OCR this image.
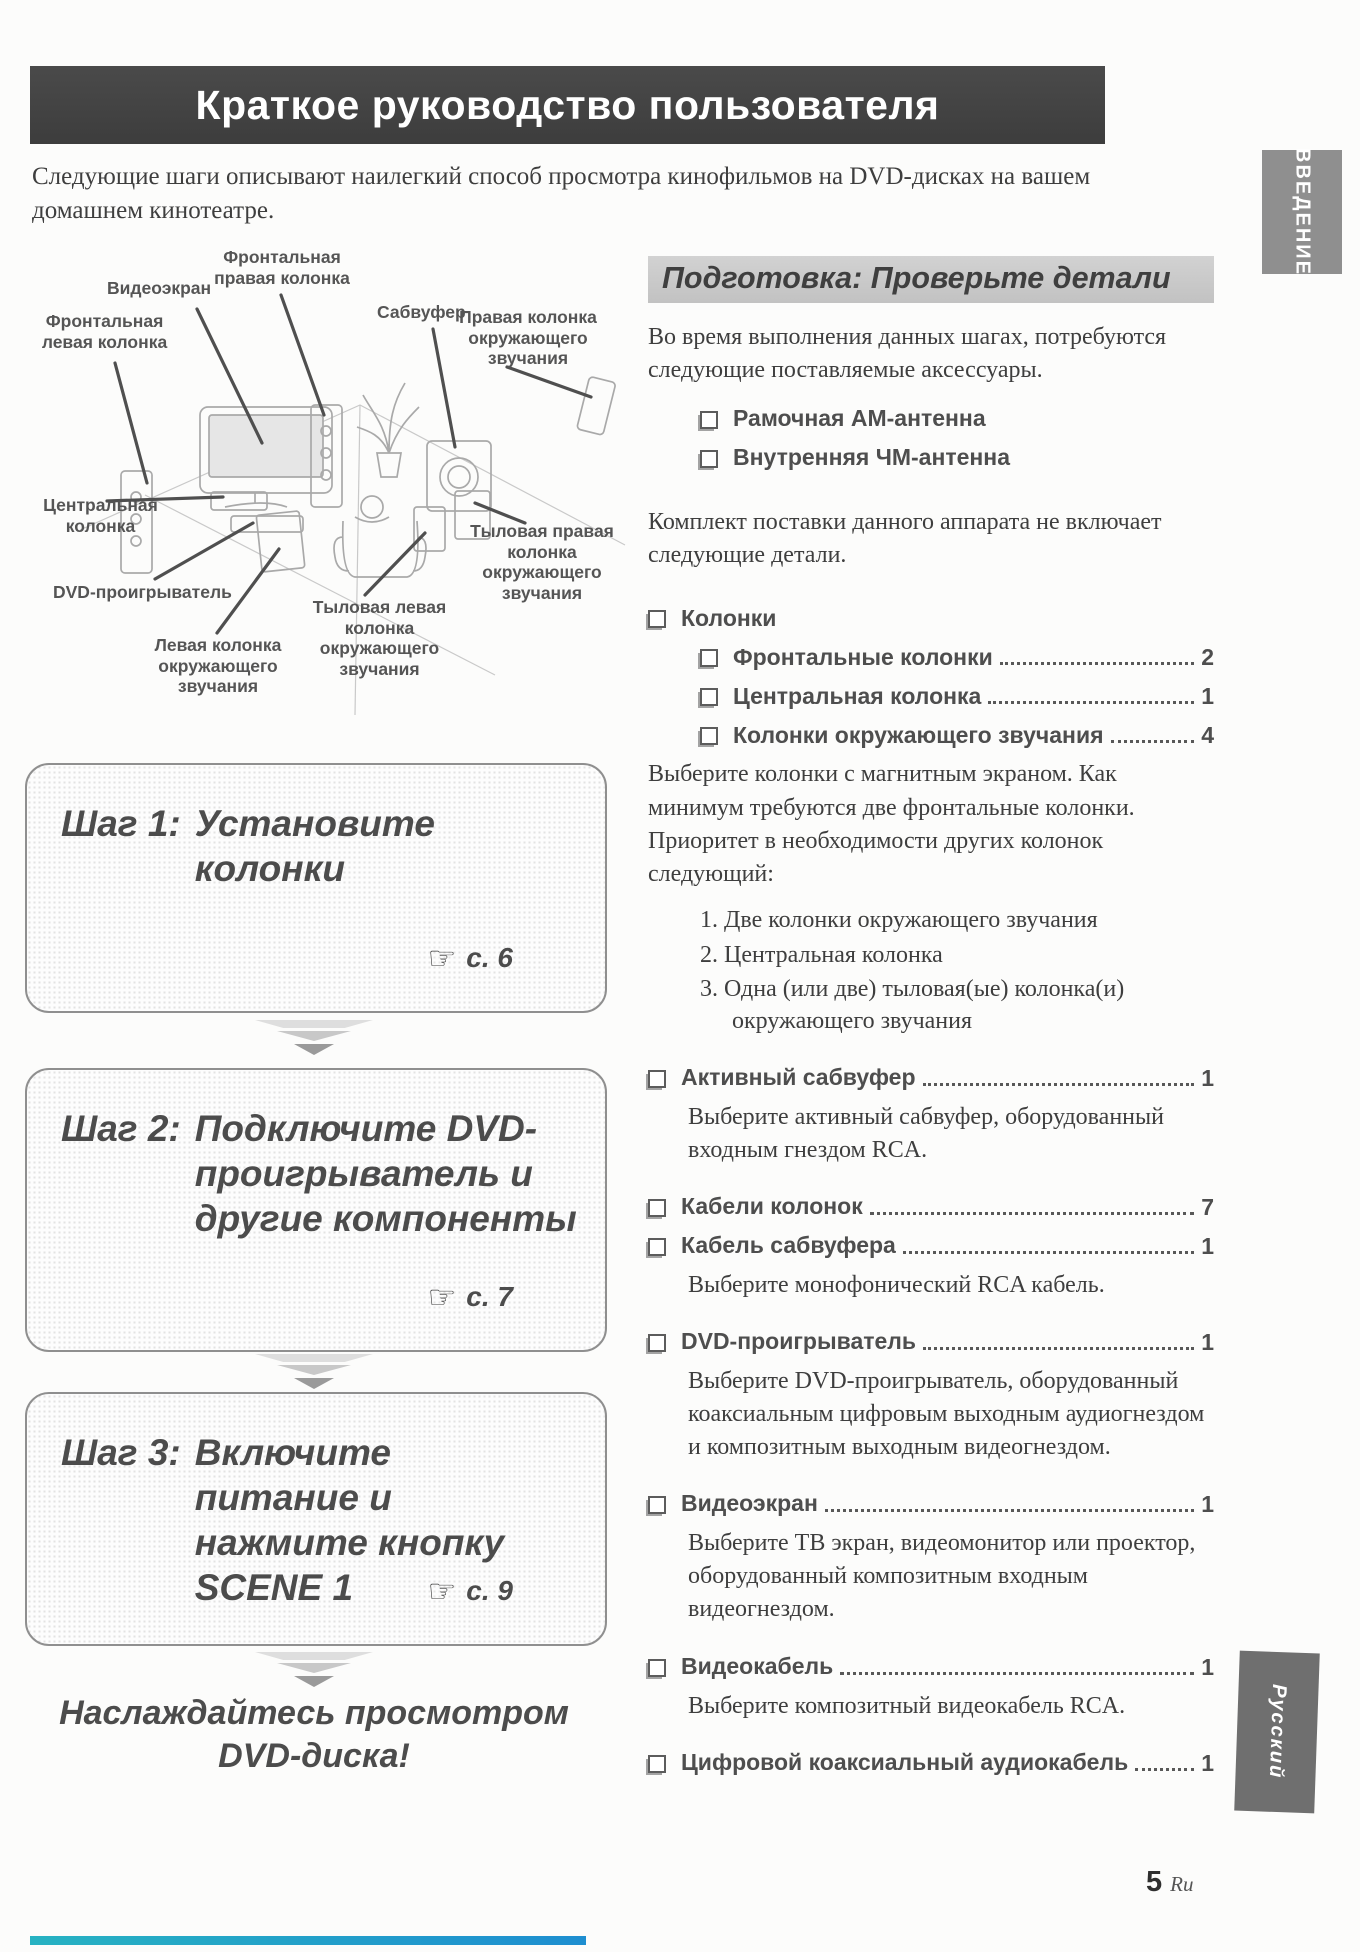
Краткое руководство пользователя
Следующие шаги описывают наилегкий способ просмотра кинофильмов на DVD-дисках на вашем домашнем кинотеатре.	ВВЕДЕНИЕ
Русский
Видеоэкран
Фронтальная правая колонка
Сабвуфер
Фронтальная левая колонка
Правая колонка окружающего звучания
Центральная колонка
DVD-проигрыватель
Тыловая правая колонка окружающего звучания
Тыловая левая колонка окружающего звучания
Левая колонка окружающего звучания
Шаг 1: Установите колонки
☞ с. 6
Шаг 2: Подключите DVD-проигрыватель и другие компоненты
☞ с. 7
Шаг 3: Включите питание и нажмите кнопку SCENE 1	☞ с. 9
Наслаждайтесь просмотром DVD-диска!
Подготовка: Проверьте детали

Во время выполнения данных шагах, потребуются следующие поставляемые аксессуары.

Рамочная АМ-антенна
Внутренняя ЧМ-антенна

Комплект поставки данного аппарата не включает следующие детали.

Колонки
Фронтальные колонки	2
Центральная колонка	1
Колонки окружающего звучания	4

Выберите колонки с магнитным экраном. Как минимум требуются две фронтальные колонки. Приоритет в необходимости других колонок следующий:

1. Две колонки окружающего звучания
2. Центральная колонка
3. Одна (или две) тыловая(ые) колонка(и) окружающего звучания
Активный сабвуфер	1

Выберите активный сабвуфер, оборудованный входным гнездом RCA.

Кабели колонок	7
Кабель сабвуфера	1

Выберите монофонический RCA кабель.

DVD-проигрыватель	1

Выберите DVD-проигрыватель, оборудованный коаксиальным цифровым выходным аудиогнездом и композитным выходным видеогнездом.

Видеоэкран	1

Выберите ТВ экран, видеомонитор или проектор, оборудованный композитным входным видеогнездом.

Видеокабель	1

Выберите композитный видеокабель RCA.

Цифровой коаксиальный аудиокабель	1
5 Ru
